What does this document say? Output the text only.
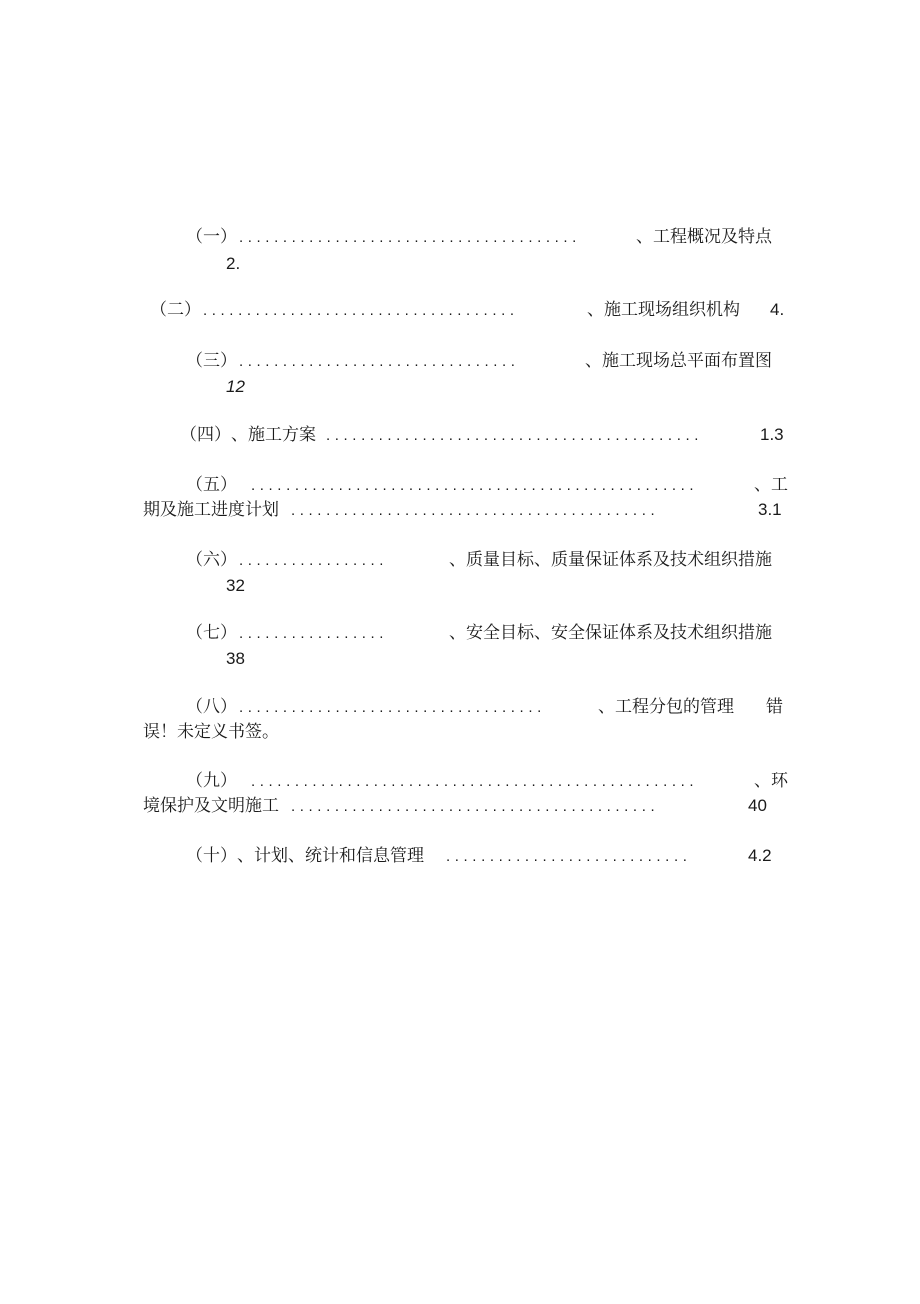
（一） .......................................	、工程概况及特点
2.
（二） ....................................	、施工现场组织机构 4.
（三） ................................	、施工现场总平面布置图
12
（四） 、施工方案 ...........................................	1.3
（五） ...................................................	、工
期及施工进度计划 ..........................................	3.1
（六） .................	、质量目标、质量保证体系及技术组织措施
32
（七） .................	、安全目标、安全保证体系及技术组织措施
38
（八） ...................................	、工程分包的管理 错
误！未定义书签。
（九） ...................................................	、环
境保护及文明施工 ..........................................	40
（十） 、计划、统计和信息管理	............................	4.2
